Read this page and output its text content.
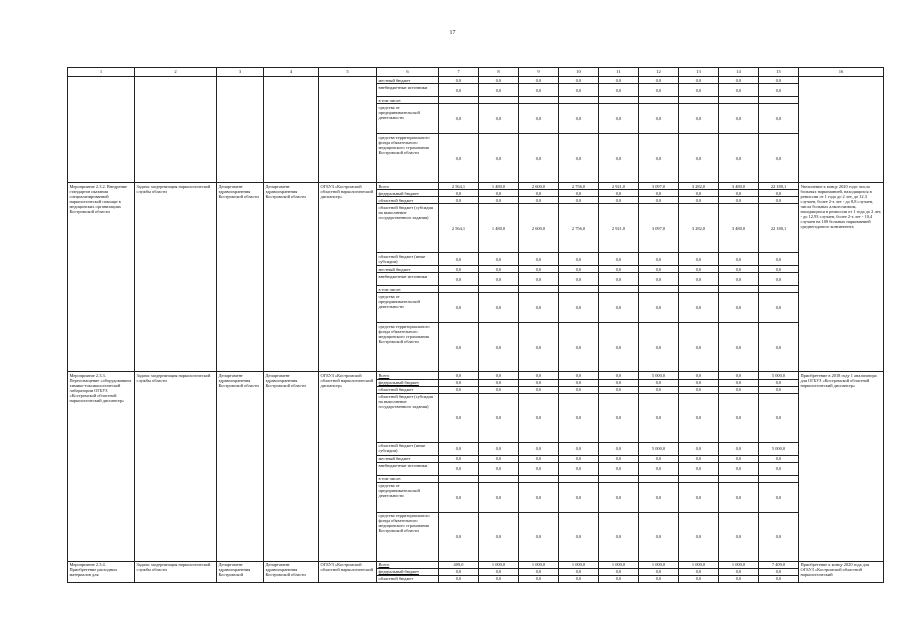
17
1	2	3	4	5	6	7	8	9	10	11	12	13	14	15	16
					местный бюджет	0,0	0,0	0,0	0,0	0,0	0,0	0,0	0,0	0,0	
					внебюджетные источники	0,0	0,0	0,0	0,0	0,0	0,0	0,0	0,0	0,0	
					в том числе:										
					средства от предпринимательской деятельности	0,0	0,0	0,0	0,0	0,0	0,0	0,0	0,0	0,0	
					средства территориального фонда обязательного медицинского страхования Костромской области	0,0	0,0	0,0	0,0	0,0	0,0	0,0	0,0	0,0	
Мероприятие 2.3.2. Внедрение стандартов оказания специализированной наркологической помощи в медицинских организациях Костромской области	Задача: модернизация наркологической службы области	Департамент здравоохранения Костромской области	Департамент здравоохранения Костромской области	ОГБУЗ «Костромской областной наркологический диспансер»	Всего	2 564,1	1 480,0	2 600,0	2 756,0	2 921,0	3 097,0	3 282,0	3 480,0	22 180,1	Увеличение к концу 2020 года: числа больных наркоманией, находящихся в ремиссии от 1 года до 2 лет, до 12,3 случаев, более 2-х лет - до 8,8 случаев, числа больных алкоголизмом, находящихся в ремиссии от 1 года до 2 лет, - до 12,93 случаев, более 2-х лет - 10,4 случаев на 100 больных наркоманией среднегодового контингента
					федеральный бюджет	0,0	0,0	0,0	0,0	0,0	0,0	0,0	0,0	0,0	
					областной бюджет	0,0	0,0	0,0	0,0	0,0	0,0	0,0	0,0	0,0	
					областной бюджет (субсидия на выполнение государственного задания)	2 564,1	1 480,0	2 600,0	2 756,0	2 921,0	3 097,0	3 282,0	3 480,0	22 180,1	
					областной бюджет (иные субсидии)	0,0	0,0	0,0	0,0	0,0	0,0	0,0	0,0	0,0	
					местный бюджет	0,0	0,0	0,0	0,0	0,0	0,0	0,0	0,0	0,0	
					внебюджетные источники	0,0	0,0	0,0	0,0	0,0	0,0	0,0	0,0	0,0	
					в том числе:										
					средства от предпринимательской деятельности	0,0	0,0	0,0	0,0	0,0	0,0	0,0	0,0	0,0	
					средства территориального фонда обязательного медицинского страхования Костромской области	0,0	0,0	0,0	0,0	0,0	0,0	0,0	0,0	0,0	
Мероприятие 2.3.3. Переоснащение «оборудованием химико-токсикологической лаборатории ОГБУЗ «Костромской областной наркологический диспансер»	Задача: модернизация наркологической службы области	Департамент здравоохранения Костромской области	Департамент здравоохранения Костромской области	ОГБУЗ «Костромской областной наркологический диспансер»	Всего	0,0	0,0	0,0	0,0	0,0	5 000,0	0,0	0,0	5 000,0	Приобретение в 2018 году 1 анализатора для ОГБУЗ «Костромской областной наркологический диспансер»
					федеральный бюджет	0,0	0,0	0,0	0,0	0,0	0,0	0,0	0,0	0,0	
					областной бюджет	0,0	0,0	0,0	0,0	0,0	0,0	0,0	0,0	0,0	
					областной бюджет (субсидия на выполнение государственного задания)	0,0	0,0	0,0	0,0	0,0	0,0	0,0	0,0	0,0	
					областной бюджет (иные субсидии)	0,0	0,0	0,0	0,0	0,0	5 000,0	0,0	0,0	5 000,0	
					местный бюджет	0,0	0,0	0,0	0,0	0,0	0,0	0,0	0,0	0,0	
					внебюджетные источники	0,0	0,0	0,0	0,0	0,0	0,0	0,0	0,0	0,0	
					в том числе:										
					средства от предпринимательской деятельности	0,0	0,0	0,0	0,0	0,0	0,0	0,0	0,0	0,0	
					средства территориального фонда обязательного медицинского страхования Костромской области	0,0	0,0	0,0	0,0	0,0	0,0	0,0	0,0	0,0	
Мероприятие 2.3.4. Приобретение расходных материалов для	Задача: модернизация наркологической службы области	Департамент здравоохранения Костромской	Департамент здравоохранения Костромской области	ОГБУЗ «Костромской областной наркологический	Всего	409,0	1 000,0	1 000,0	1 000,0	1 000,0	1 000,0	1 000,0	1 000,0	7 409,0	Приобретение к концу 2020 года для ОГБУЗ «Костромской областной наркологический
					федеральный бюджет	0,0	0,0	0,0	0,0	0,0	0,0	0,0	0,0	0,0	
					областной бюджет	0,0	0,0	0,0	0,0	0,0	0,0	0,0	0,0	0,0	
